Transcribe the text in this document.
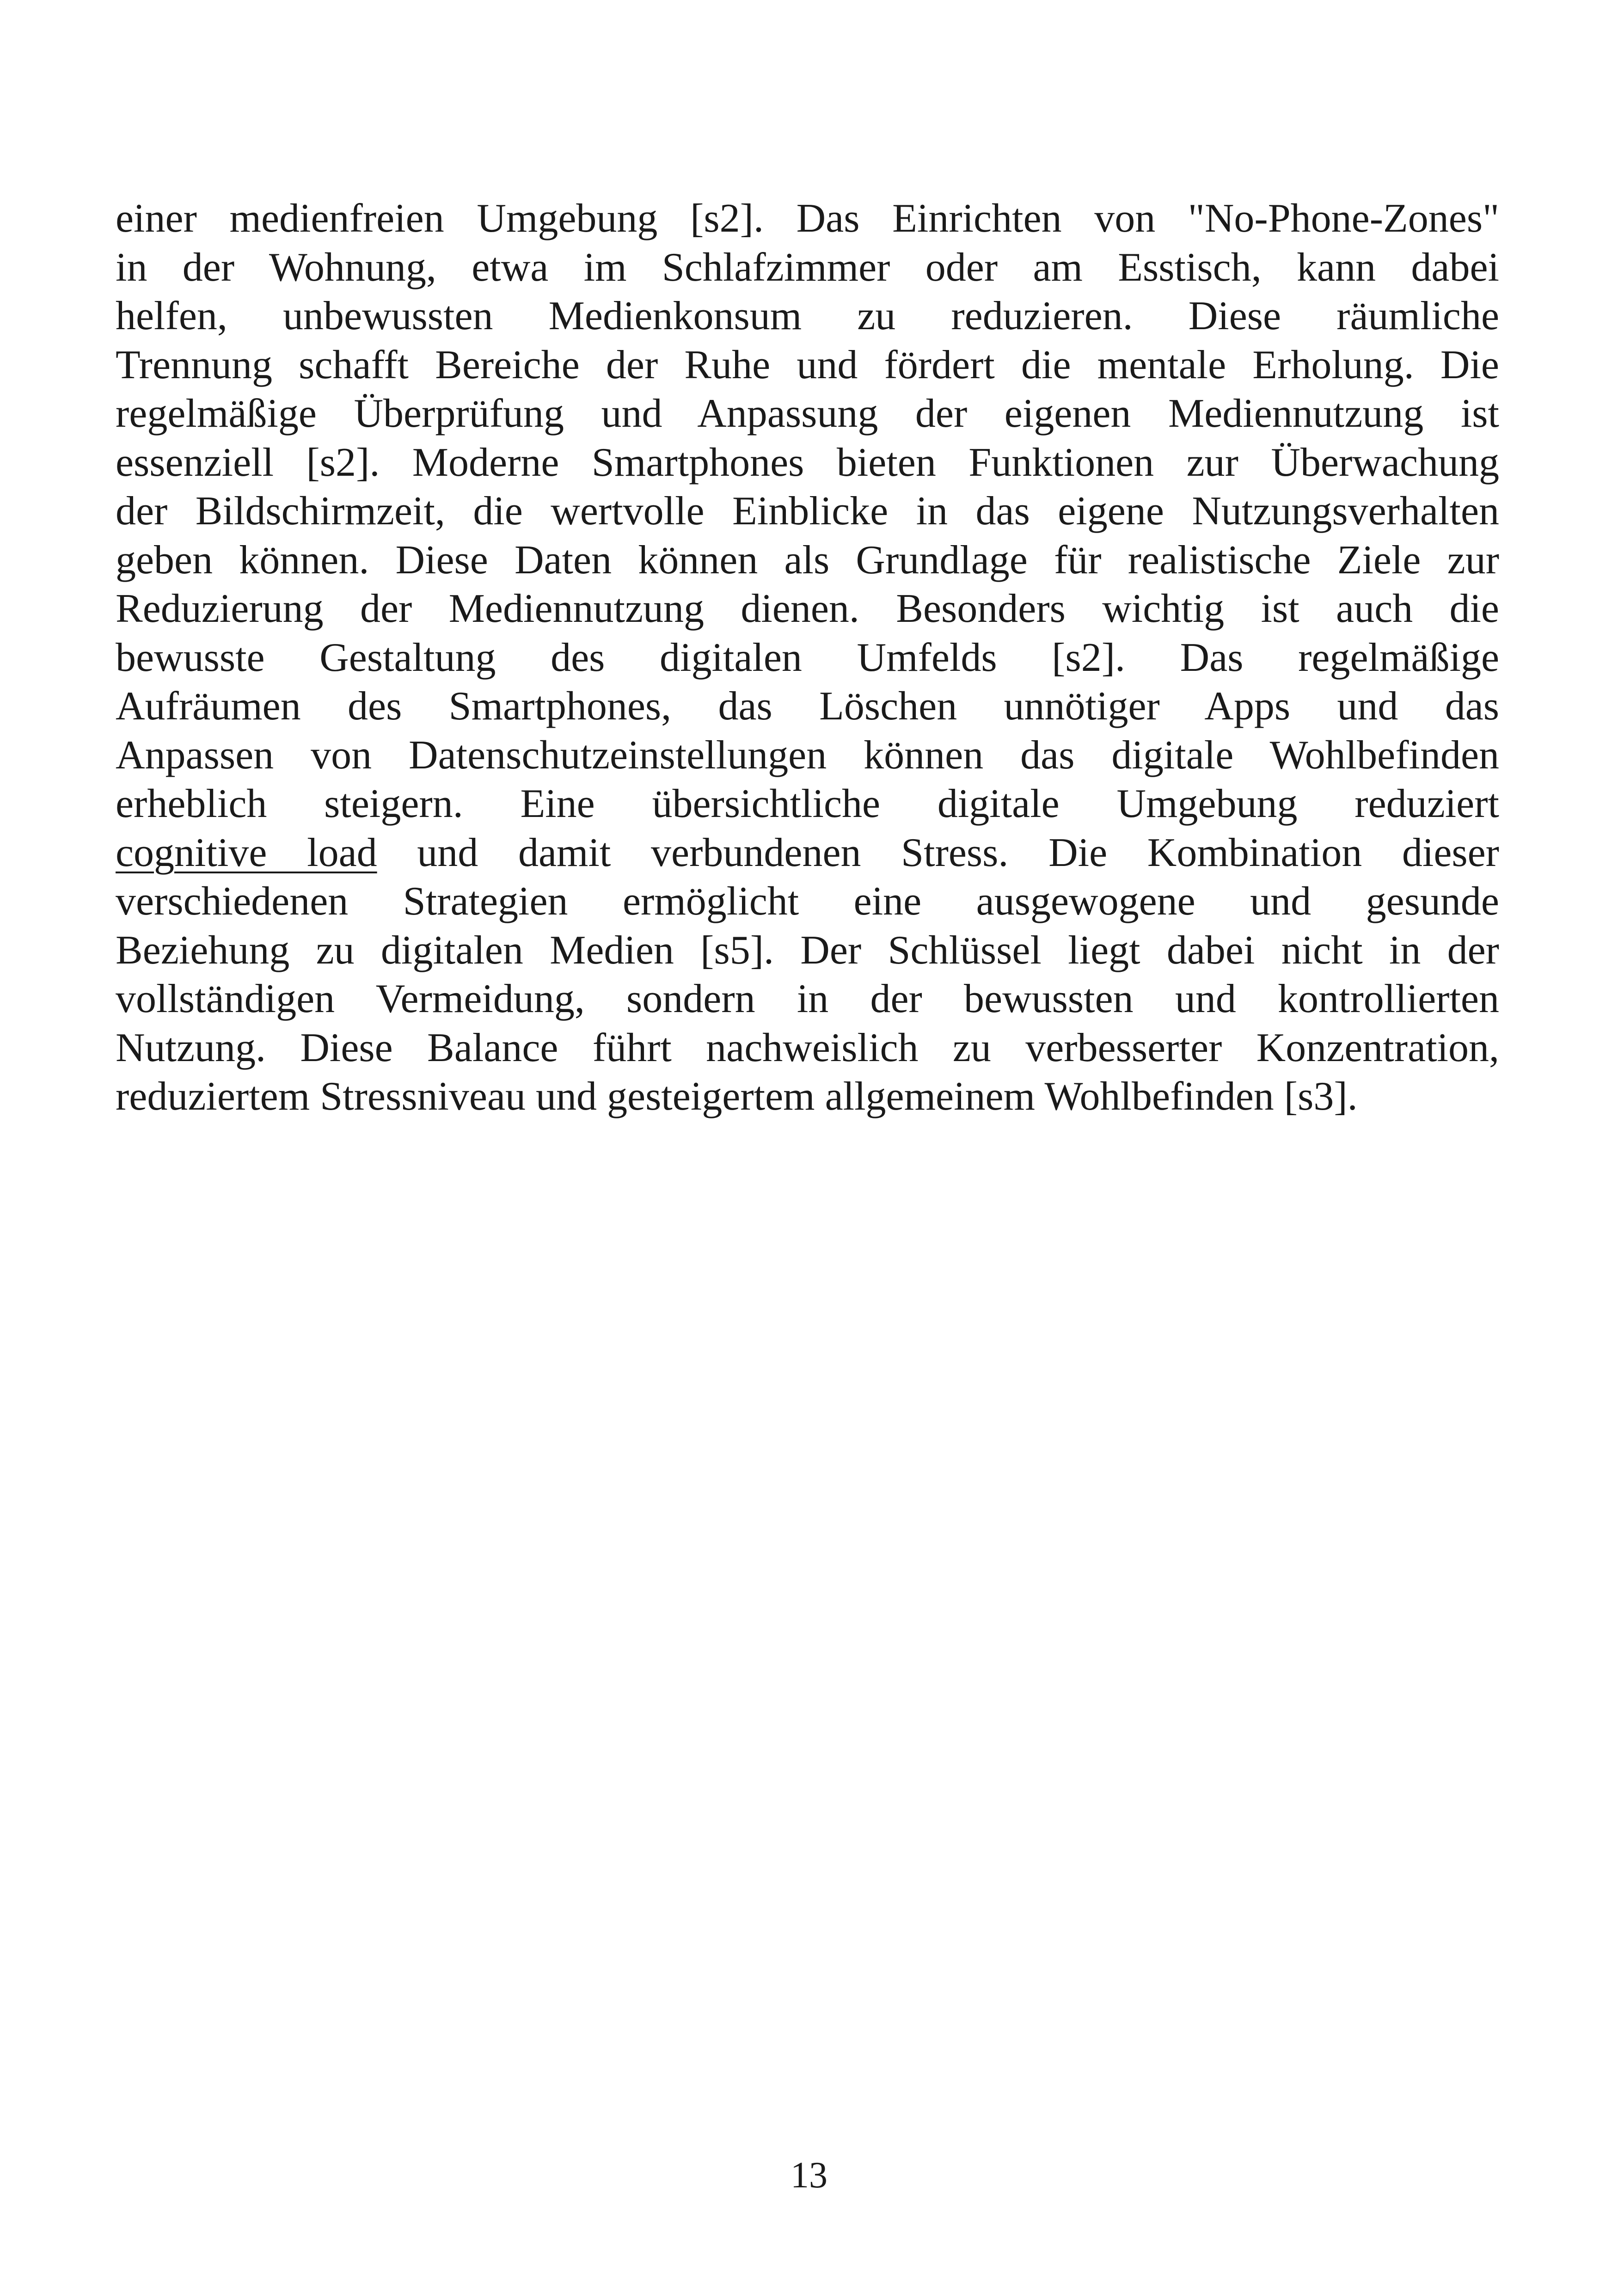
einer medienfreien Umgebung [s2]. Das Einrichten von "No-Phone-Zones"
in der Wohnung, etwa im Schlafzimmer oder am Esstisch, kann dabei
helfen, unbewussten Medienkonsum zu reduzieren. Diese räumliche
Trennung schafft Bereiche der Ruhe und fördert die mentale Erholung. Die
regelmäßige Überprüfung und Anpassung der eigenen Mediennutzung ist
essenziell [s2]. Moderne Smartphones bieten Funktionen zur Überwachung
der Bildschirmzeit, die wertvolle Einblicke in das eigene Nutzungsverhalten
geben können. Diese Daten können als Grundlage für realistische Ziele zur
Reduzierung der Mediennutzung dienen. Besonders wichtig ist auch die
bewusste Gestaltung des digitalen Umfelds [s2]. Das regelmäßige
Aufräumen des Smartphones, das Löschen unnötiger Apps und das
Anpassen von Datenschutzeinstellungen können das digitale Wohlbefinden
erheblich steigern. Eine übersichtliche digitale Umgebung reduziert
cognitive load und damit verbundenen Stress. Die Kombination dieser
verschiedenen Strategien ermöglicht eine ausgewogene und gesunde
Beziehung zu digitalen Medien [s5]. Der Schlüssel liegt dabei nicht in der
vollständigen Vermeidung, sondern in der bewussten und kontrollierten
Nutzung. Diese Balance führt nachweislich zu verbesserter Konzentration,
reduziertem Stressniveau und gesteigertem allgemeinem Wohlbefinden [s3].
13
